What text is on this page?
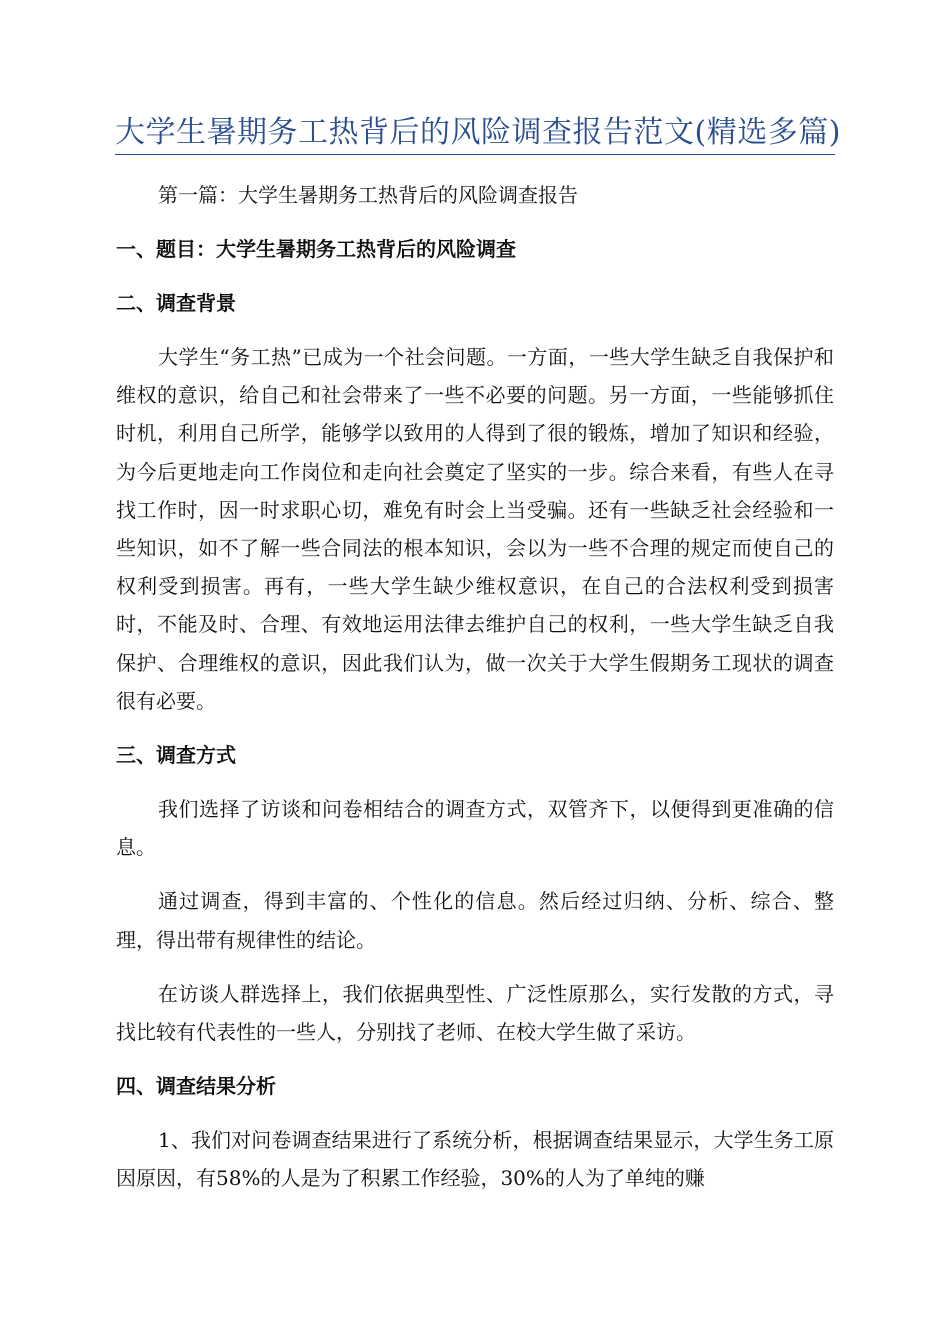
大学生暑期务工热背后的风险调查报告范文(精选多篇)

第一篇：大学生暑期务工热背后的风险调查报告

一、题目：大学生暑期务工热背后的风险调查
二、调查背景

大学生“务工热”已成为一个社会问题。一方面，一些大学生缺乏自我保护和维权的意识，给自己和社会带来了一些不必要的问题。另一方面，一些能够抓住时机，利用自己所学，能够学以致用的人得到了很的锻炼，增加了知识和经验，为今后更地走向工作岗位和走向社会奠定了坚实的一步。综合来看，有些人在寻找工作时，因一时求职心切，难免有时会上当受骗。还有一些缺乏社会经验和一些知识，如不了解一些合同法的根本知识，会以为一些不合理的规定而使自己的权利受到损害。再有，一些大学生缺少维权意识，在自己的合法权利受到损害时，不能及时、合理、有效地运用法律去维护自己的权利，一些大学生缺乏自我保护、合理维权的意识，因此我们认为，做一次关于大学生假期务工现状的调查很有必要。

三、调查方式

我们选择了访谈和问卷相结合的调查方式，双管齐下，以便得到更准确的信息。

通过调查，得到丰富的、个性化的信息。然后经过归纳、分析、综合、整理，得出带有规律性的结论。

在访谈人群选择上，我们依据典型性、广泛性原那么，实行发散的方式，寻找比较有代表性的一些人，分别找了老师、在校大学生做了采访。

四、调查结果分析

1、我们对问卷调查结果进行了系统分析，根据调查结果显示，大学生务工原因原因，有58%的人是为了积累工作经验，30%的人为了单纯的赚
